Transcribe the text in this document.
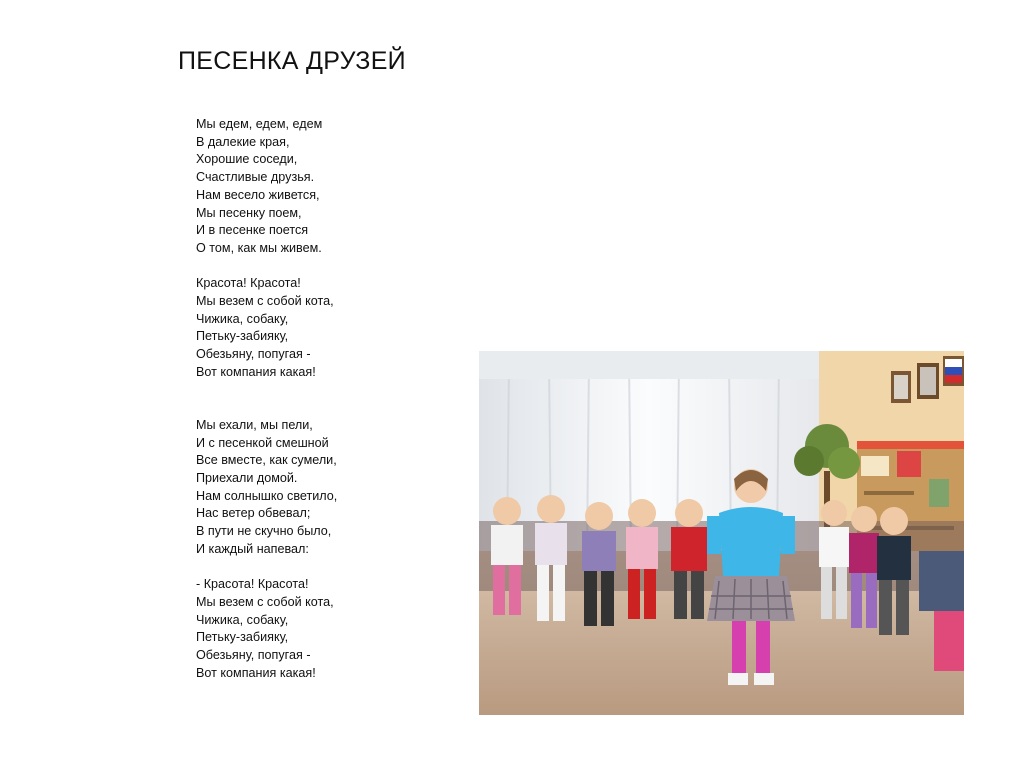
ПЕСЕНКА ДРУЗЕЙ
Мы едем, едем, едем
В далекие края,
Хорошие соседи,
Счастливые друзья.
Нам весело живется,
Мы песенку поем,
И в песенке поется
О том, как мы живем.
Красота! Красота!
Мы везем с собой кота,
Чижика, собаку,
Петьку-забияку,
Обезьяну, попугая -
Вот компания какая!
Мы ехали, мы пели,
И с песенкой смешной
Все вместе, как сумели,
Приехали домой.
Нам солнышко светило,
Нас ветер обвевал;
В пути не скучно было,
И каждый напевал:
- Красота! Красота!
Мы везем с собой кота,
Чижика, собаку,
Петьку-забияку,
Обезьяну, попугая -
Вот компания какая!
